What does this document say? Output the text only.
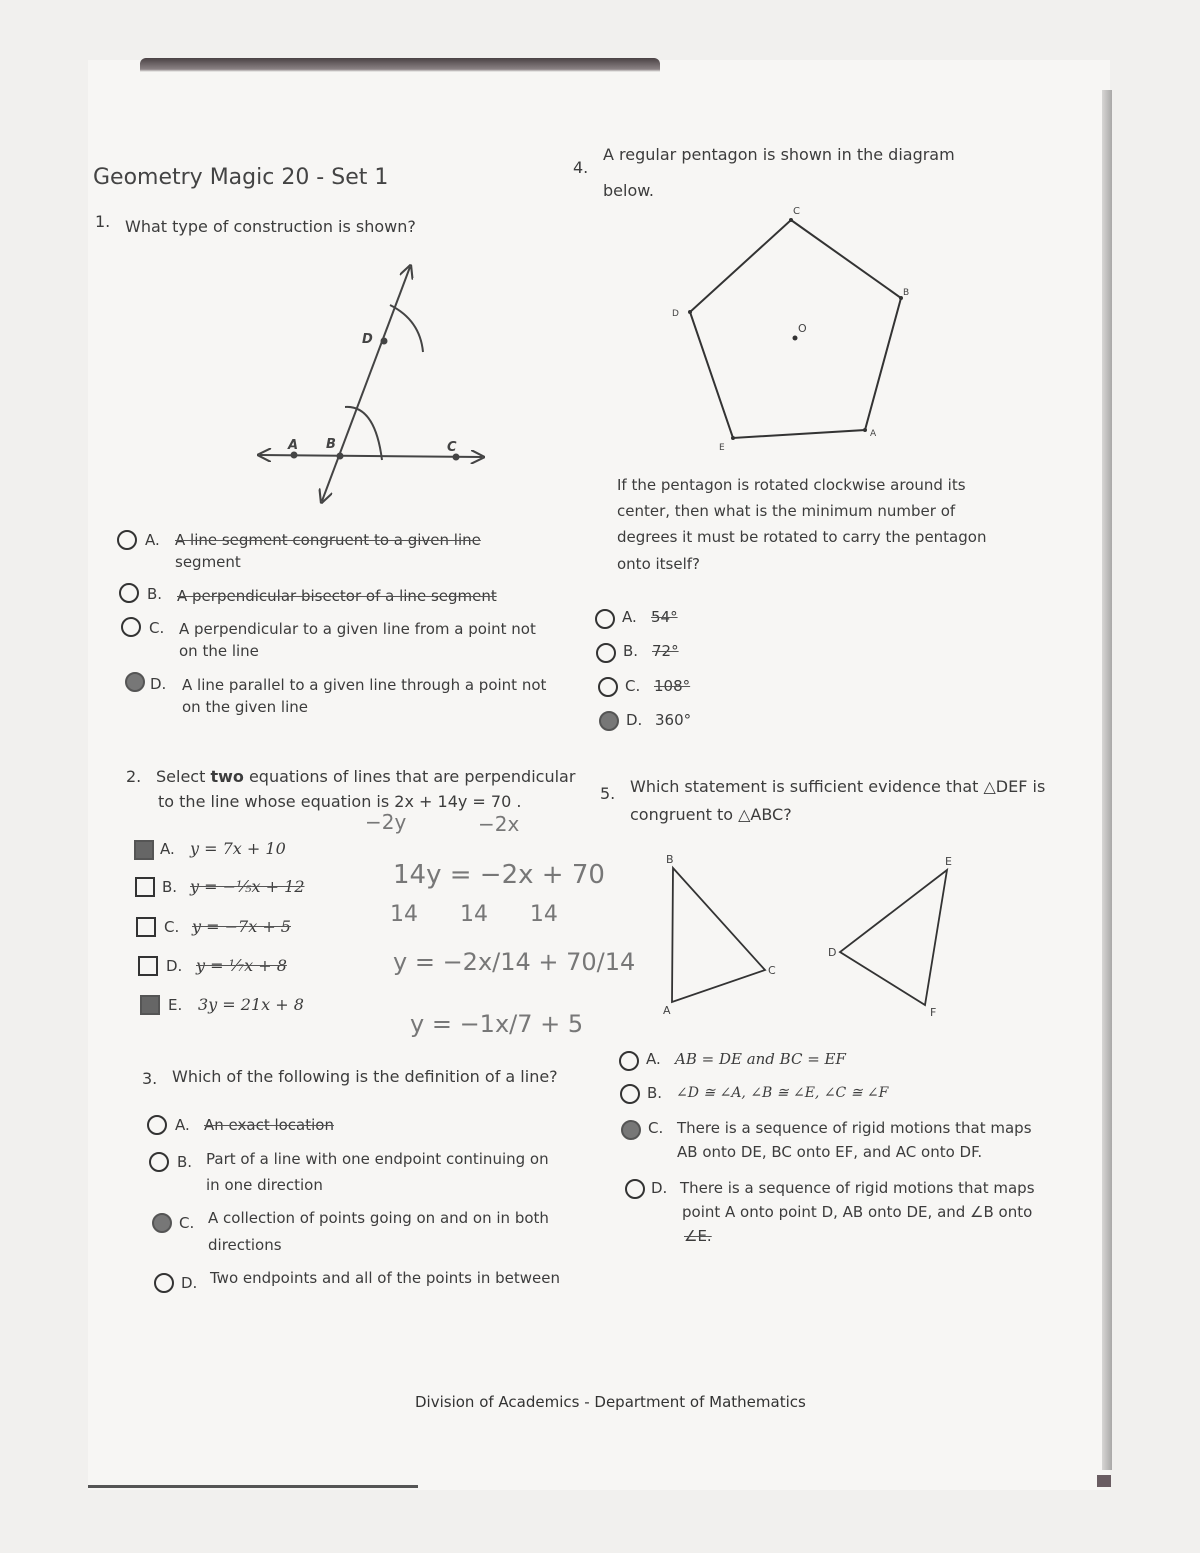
Geometry Magic 20 - Set 1
1. What type of construction is shown?
A B	C
D
A. A line segment congruent to a given line
segment
B. A perpendicular bisector of a line segment
C. A perpendicular to a given line from a point not
on the line
D. A line parallel to a given line through a point not
on the given line
2. Select two equations of lines that are perpendicular
to the line whose equation is 2x + 14y = 70 .
−2y	−2x
14y = −2x + 70
14      14      14
y = −2x/14 + 70/14
y = −1x/7 + 5
A. y = 7x + 10
B. y = −⅕x + 12
C. y = −7x + 5
D. y = ⅐x + 8
E. 3y = 21x + 8
3. Which of the following is the definition of a line?
A. An exact location
B. Part of a line with one endpoint continuing on
in one direction
C. A collection of points going on and on in both
directions
D. Two endpoints and all of the points in between
4.
A regular pentagon is shown in the diagram
below.
C
B
A
E
D
O
If the pentagon is rotated clockwise around its
center, then what is the minimum number of
degrees it must be rotated to carry the pentagon
onto itself?
A. 54°
B. 72°
C. 108°
D. 360°
5. Which statement is sufficient evidence that △DEF is
congruent to △ABC?
B
C
A
E
D
F
A. AB = DE and BC = EF
B. ∠D ≅ ∠A, ∠B ≅ ∠E, ∠C ≅ ∠F
C. There is a sequence of rigid motions that maps
AB onto DE, BC onto EF, and AC onto DF.
D. There is a sequence of rigid motions that maps
point A onto point D, AB onto DE, and ∠B onto
∠E.
Division of Academics - Department of Mathematics
